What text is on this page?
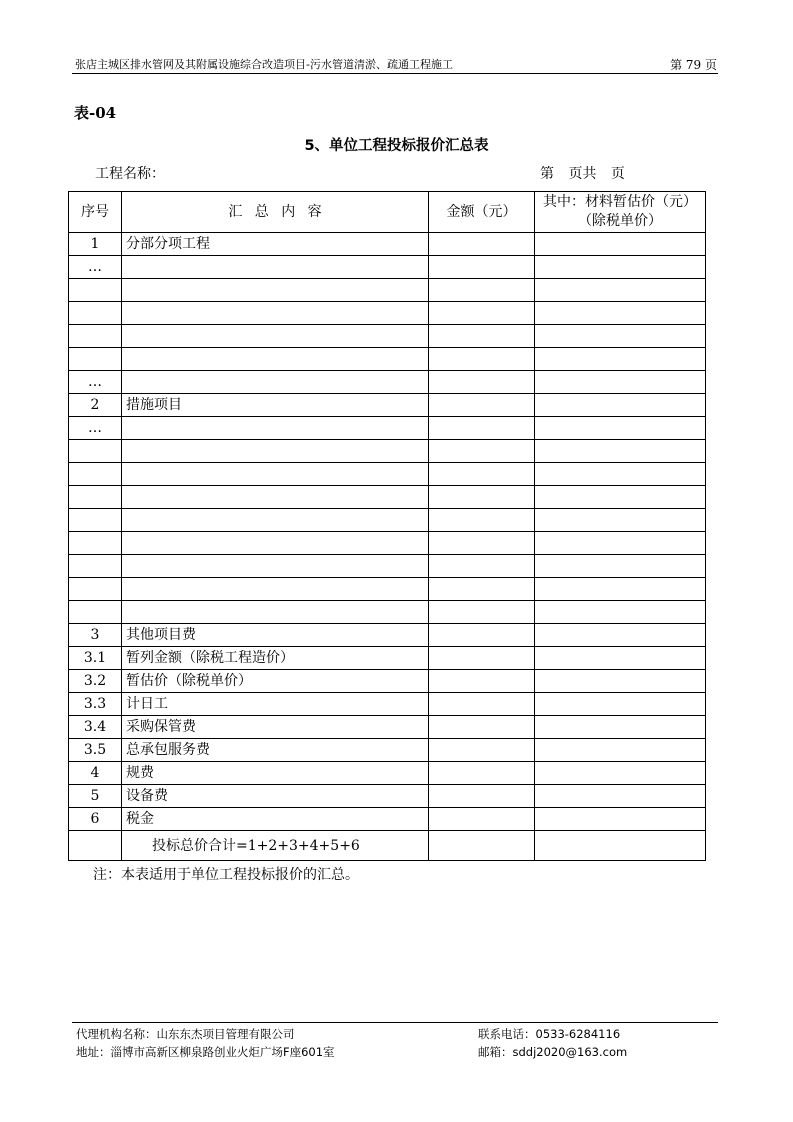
张店主城区排水管网及其附属设施综合改造项目-污水管道清淤、疏通工程施工	第 79 页
表-04
5、单位工程投标报价汇总表
工程名称：	第 页共 页
序号	汇 总 内 容	金额（元）	其中：材料暂估价（元）（除税单价）
1	分部分项工程		
…			

…			
2	措施项目		
…			

3	其他项目费		
3.1	暂列金额（除税工程造价）		
3.2	暂估价（除税单价）		
3.3	计日工		
3.4	采购保管费		
3.5	总承包服务费		
4	规费		
5	设备费		
6	税金		
	投标总价合计=1+2+3+4+5+6		
注：本表适用于单位工程投标报价的汇总。
代理机构名称：山东东杰项目管理有限公司
地址：淄博市高新区柳泉路创业火炬广场F座601室
联系电话：0533-6284116
邮箱：sddj2020@163.com
